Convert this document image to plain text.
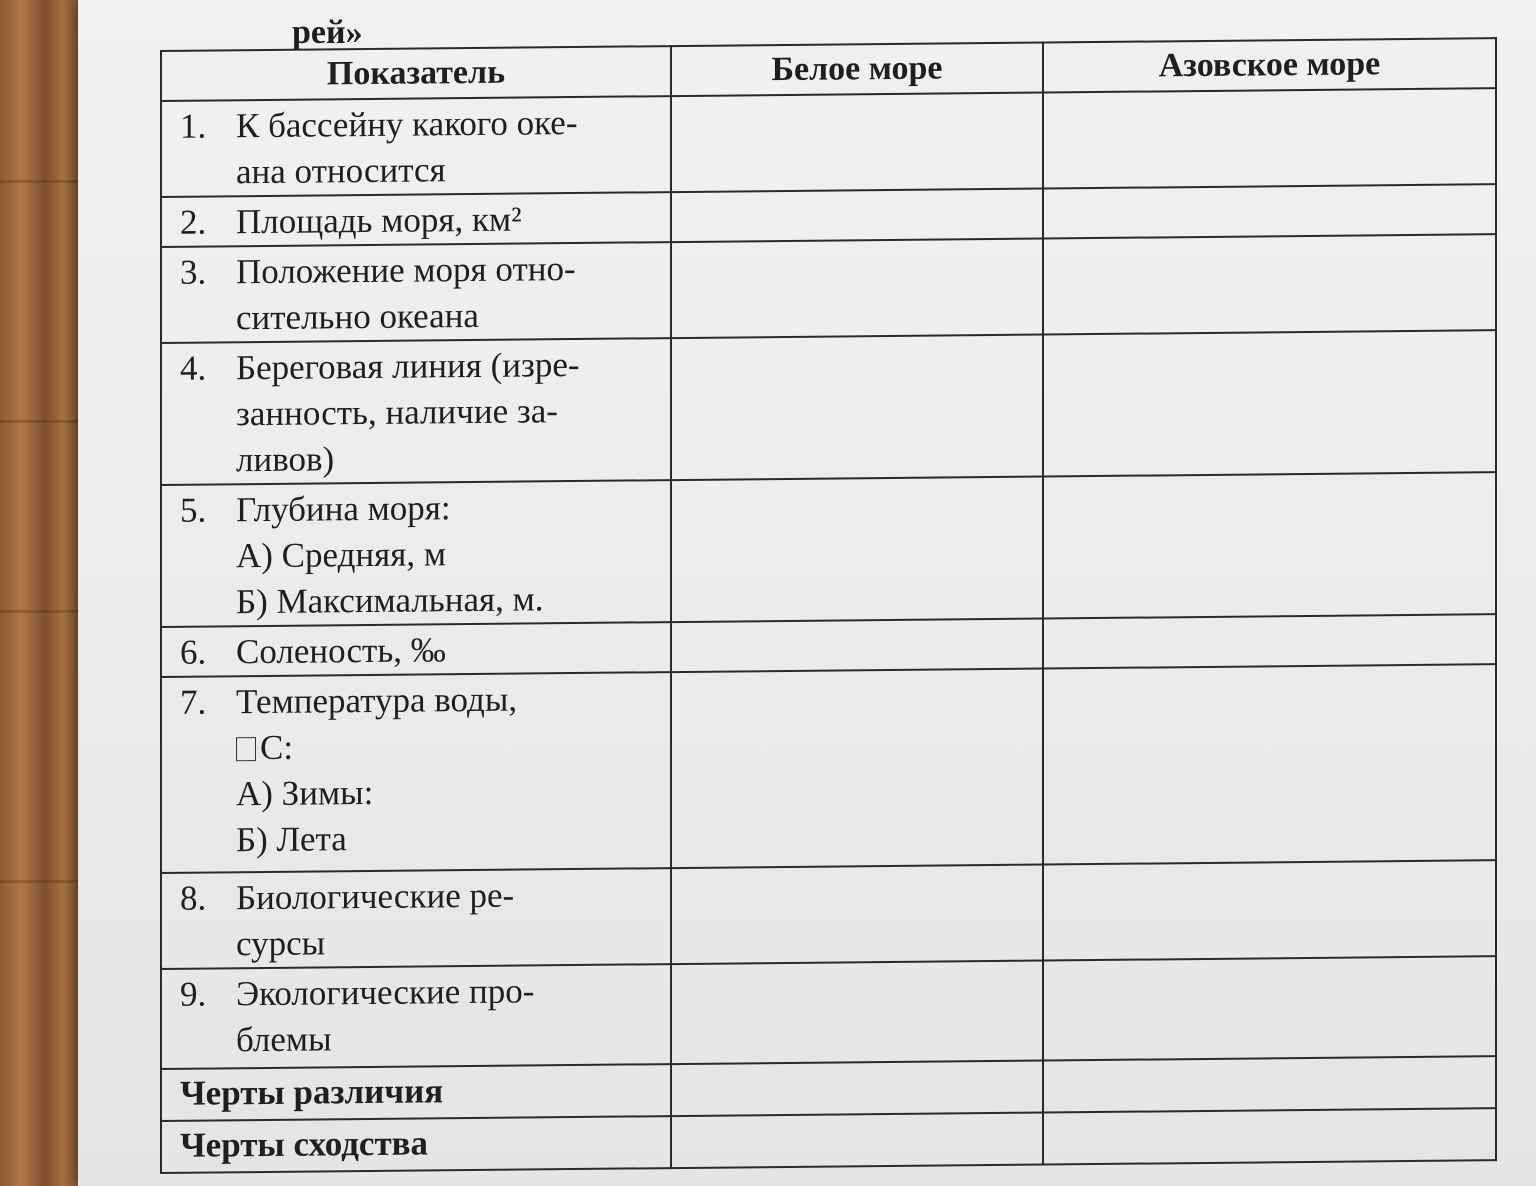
рей»
Показатель	Белое море	Азовское море

1. К бассейну какого оке-
ана относится		

2. Площадь моря, км²		

3. Положение моря отно-
сительно океана		

4. Береговая линия (изре-
занность, наличие за-
ливов)		

5. Глубина моря:
А) Средняя, м
Б) Максимальная, м.		

6. Соленость, ‰		

7. Температура воды,
С:
А) Зимы:
Б) Лета		

8. Биологические ре-
сурсы		

9. Экологические про-
блемы		

Черты различия		

Черты сходства		
